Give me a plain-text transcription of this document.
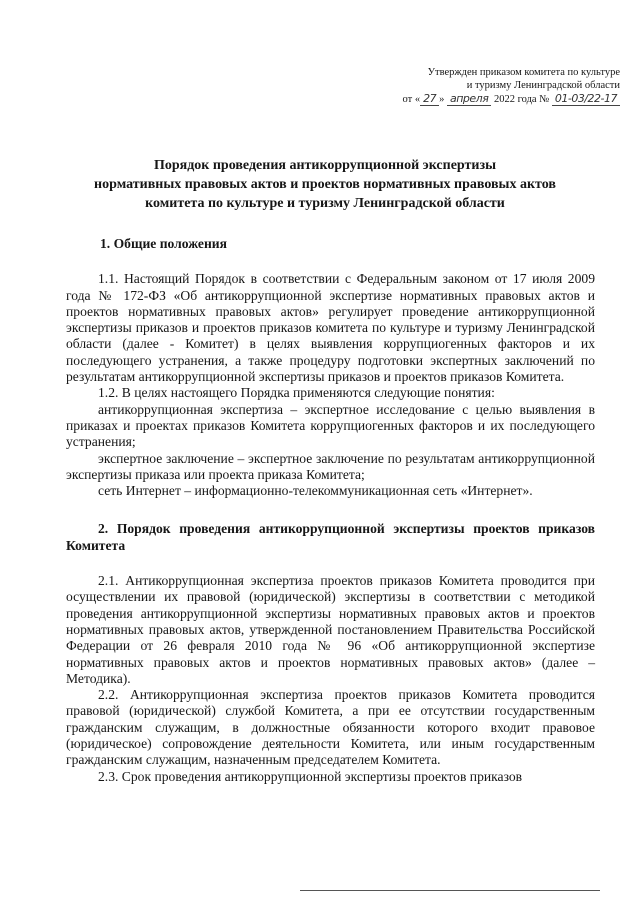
Утвержден приказом комитета по культуре
и туризму Ленинградской области
от « 27 » апреля 2022 года № 01-03/22-17
Порядок проведения антикоррупционной экспертизы
нормативных правовых актов и проектов нормативных правовых актов
комитета по культуре и туризму Ленинградской области
1. Общие положения

1.1. Настоящий Порядок в соответствии с Федеральным законом от 17 июля 2009 года № 172-ФЗ «Об антикоррупционной экспертизе нормативных правовых актов и проектов нормативных правовых актов» регулирует проведение антикоррупционной экспертизы приказов и проектов приказов комитета по культуре и туризму Ленинградской области (далее - Комитет) в целях выявления коррупциогенных факторов и их последующего устранения, а также процедуру подготовки экспертных заключений по результатам антикоррупционной экспертизы приказов и проектов приказов Комитета.

1.2. В целях настоящего Порядка применяются следующие понятия:

антикоррупционная экспертиза – экспертное исследование с целью выявления в приказах и проектах приказов Комитета коррупциогенных факторов и их последующего устранения;

экспертное заключение – экспертное заключение по результатам антикоррупционной экспертизы приказа или проекта приказа Комитета;

сеть Интернет – информационно-телекоммуникационная сеть «Интернет».

2. Порядок проведения антикоррупционной экспертизы проектов приказов Комитета

2.1. Антикоррупционная экспертиза проектов приказов Комитета проводится при осуществлении их правовой (юридической) экспертизы в соответствии с методикой проведения антикоррупционной экспертизы нормативных правовых актов и проектов нормативных правовых актов, утвержденной постановлением Правительства Российской Федерации от 26 февраля 2010 года № 96 «Об антикоррупционной экспертизе нормативных правовых актов и проектов нормативных правовых актов» (далее – Методика).

2.2. Антикоррупционная экспертиза проектов приказов Комитета проводится правовой (юридической) службой Комитета, а при ее отсутствии государственным гражданским служащим, в должностные обязанности которого входит правовое (юридическое) сопровождение деятельности Комитета, или иным государственным гражданским служащим, назначенным председателем Комитета.

2.3. Срок проведения антикоррупционной экспертизы проектов приказов
